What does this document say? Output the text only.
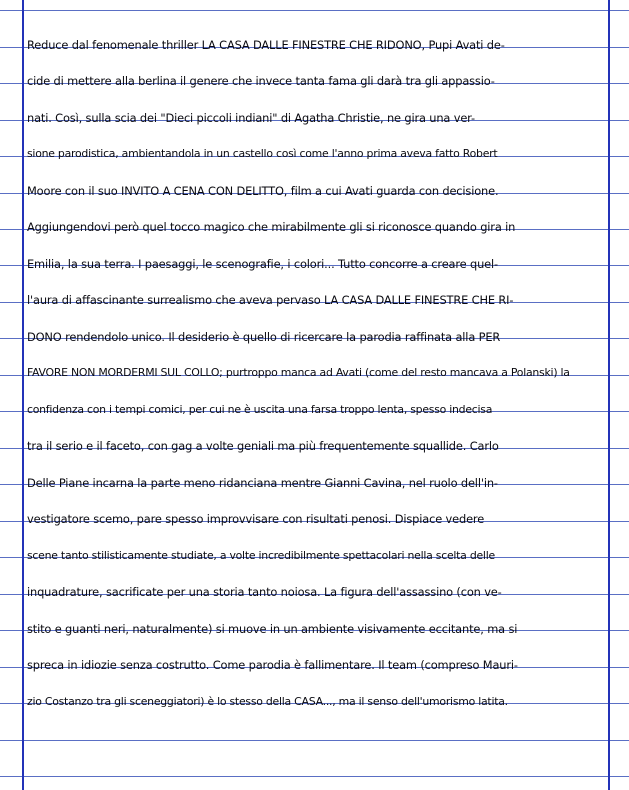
Reduce dal fenomenale thriller LA CASA DALLE FINESTRE CHE RIDONO, Pupi Avati de-
cide di mettere alla berlina il genere che invece tanta fama gli darà tra gli appassio-
nati. Così, sulla scia dei "Dieci piccoli indiani" di Agatha Christie, ne gira una ver-
sione parodistica, ambientandola in un castello così come l'anno prima aveva fatto Robert
Moore con il suo INVITO A CENA CON DELITTO, film a cui Avati guarda con decisione.
Aggiungendovi però quel tocco magico che mirabilmente gli si riconosce quando gira in
Emilia, la sua terra. I paesaggi, le scenografie, i colori... Tutto concorre a creare quel-
l'aura di affascinante surrealismo che aveva pervaso LA CASA DALLE FINESTRE CHE RI-
DONO rendendolo unico. Il desiderio è quello di ricercare la parodia raffinata alla PER
FAVORE NON MORDERMI SUL COLLO; purtroppo manca ad Avati (come del resto mancava a Polanski) la
confidenza con i tempi comici, per cui ne è uscita una farsa troppo lenta, spesso indecisa
tra il serio e il faceto, con gag a volte geniali ma più frequentemente squallide. Carlo
Delle Piane incarna la parte meno ridanciana mentre Gianni Cavina, nel ruolo dell'in-
vestigatore scemo, pare spesso improvvisare con risultati penosi. Dispiace vedere
scene tanto stilisticamente studiate, a volte incredibilmente spettacolari nella scelta delle
inquadrature, sacrificate per una storia tanto noiosa. La figura dell'assassino (con ve-
stito e guanti neri, naturalmente) si muove in un ambiente visivamente eccitante, ma si
spreca in idiozie senza costrutto. Come parodia è fallimentare. Il team (compreso Mauri-
zio Costanzo tra gli sceneggiatori) è lo stesso della CASA..., ma il senso dell'umorismo latita.
